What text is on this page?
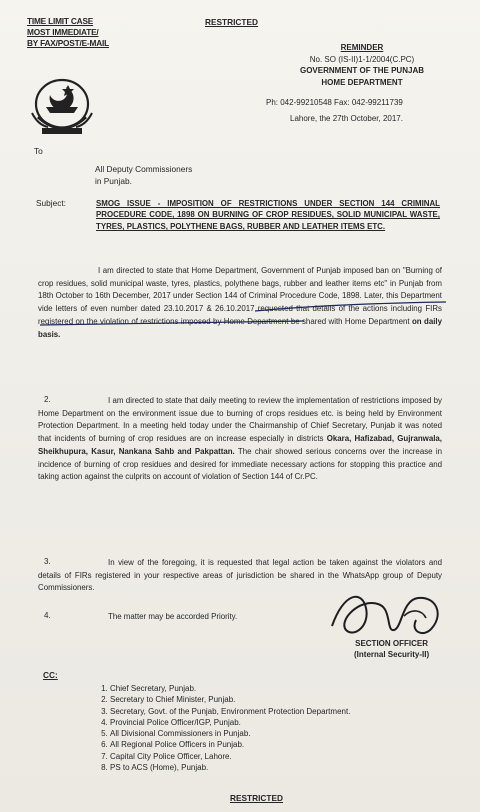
TIME LIMIT CASE
MOST IMMEDIATE/
BY FAX/POST/E-MAIL
RESTRICTED
REMINDER
No. SO (IS-II)1-1/2004(C.PC)
GOVERNMENT OF THE PUNJAB
HOME DEPARTMENT
Ph: 042-99210548 Fax: 042-99211739
Lahore, the 27th October, 2017.
To
All Deputy Commissioners
in Punjab.
Subject:	SMOG ISSUE - IMPOSITION OF RESTRICTIONS UNDER SECTION 144 CRIMINAL PROCEDURE CODE, 1898 ON BURNING OF CROP RESIDUES, SOLID MUNICIPAL WASTE, TYRES, PLASTICS, POLYTHENE BAGS, RUBBER AND LEATHER ITEMS ETC.
I am directed to state that Home Department, Government of Punjab imposed ban on "Burning of crop residues, solid municipal waste, tyres, plastics, polythene bags, rubber and leather items etc" in Punjab from 18th October to 16th December, 2017 under Section 144 of Criminal Procedure Code, 1898. Later, this Department vide letters of even number dated 23.10.2017 & 26.10.2017 requested that details of the actions including FIRs registered on the violation of restrictions imposed by Home Department be shared with Home Department on daily basis.
2.	I am directed to state that daily meeting to review the implementation of restrictions imposed by Home Department on the environment issue due to burning of crops residues etc. is being held by Environment Protection Department. In a meeting held today under the Chairmanship of Chief Secretary, Punjab it was noted that incidents of burning of crop residues are on increase especially in districts Okara, Hafizabad, Gujranwala, Sheikhupura, Kasur, Nankana Sahb and Pakpattan. The chair showed serious concerns over the increase in incidence of burning of crop residues and desired for immediate necessary actions for stopping this practice and taking action against the culprits on account of violation of Section 144 of Cr.PC.
3.	In view of the foregoing, it is requested that legal action be taken against the violators and details of FIRs registered in your respective areas of jurisdiction be shared in the WhatsApp group of Deputy Commissioners.
4.	The matter may be accorded Priority.
SECTION OFFICER
(Internal Security-II)
CC:
1. Chief Secretary, Punjab.
2. Secretary to Chief Minister, Punjab.
3. Secretary, Govt. of the Punjab, Environment Protection Department.
4. Provincial Police Officer/IGP, Punjab.
5. All Divisional Commissioners in Punjab.
6. All Regional Police Officers in Punjab.
7. Capital City Police Officer, Lahore.
8. PS to ACS (Home), Punjab.
RESTRICTED
